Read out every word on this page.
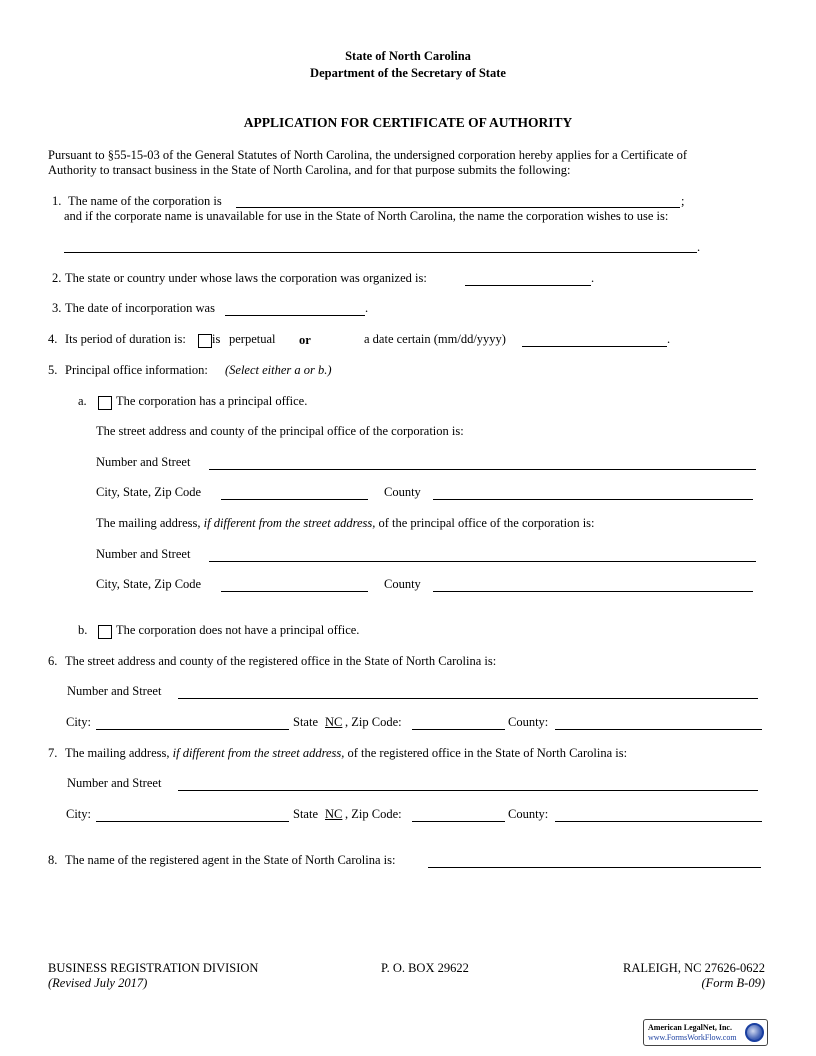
State of North Carolina
Department of the Secretary of State
APPLICATION FOR CERTIFICATE OF AUTHORITY
Pursuant to §55-15-03 of the General Statutes of North Carolina, the undersigned corporation hereby applies for a Certificate of
Authority to transact business in the State of North Carolina, and for that purpose submits the following:
1. The name of the corporation is	;
and if the corporate name is unavailable for use in the State of North Carolina, the name the corporation wishes to use is:
.
2. The state or country under whose laws the corporation was organized is:	.
3. The date of incorporation was	.
4. Its period of duration is: is perpetual or	a date certain (mm/dd/yyyy)	.
5. Principal office information: (Select either a or b.)
a. The corporation has a principal office.
The street address and county of the principal office of the corporation is:
Number and Street
City, State, Zip Code	County
The mailing address, if different from the street address, of the principal office of the corporation is:
Number and Street
City, State, Zip Code	County
b. The corporation does not have a principal office.
6. The street address and county of the registered office in the State of North Carolina is:
Number and Street
City:	State NC , Zip Code:	County:
7. The mailing address, if different from the street address, of the registered office in the State of North Carolina is:
Number and Street
City:	State NC , Zip Code:	County:
8. The name of the registered agent in the State of North Carolina is:
BUSINESS REGISTRATION DIVISION
(Revised July 2017)
P. O. BOX 29622	RALEIGH, NC 27626-0622
(Form B-09)
American LegalNet, Inc.
www.FormsWorkFlow.com
